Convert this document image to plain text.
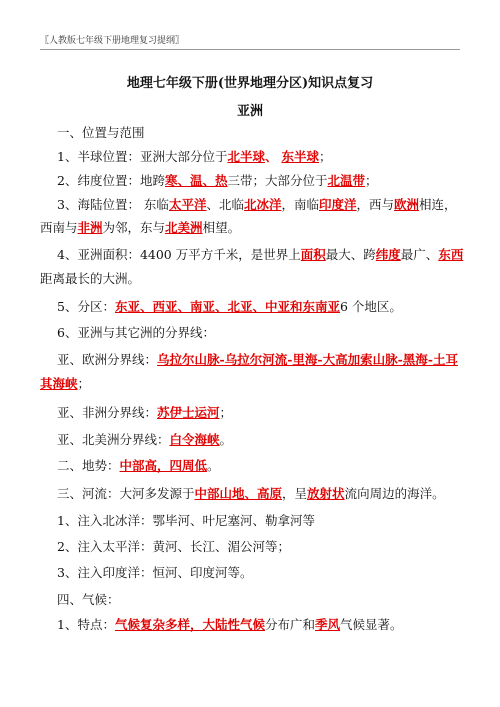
〖人教版七年级下册地理复习提纲〗
地理七年级下册(世界地理分区)知识点复习
亚洲
一、位置与范围
1、半球位置：亚洲大部分位于北半球、 东半球；
2、纬度位置：地跨寒、温、热三带；大部分位于北温带；
3、海陆位置： 东临太平洋、北临北冰洋，南临印度洋，西与欧洲相连，
西南与非洲为邻，东与北美洲相望。
4、亚洲面积：4400 万平方千米，是世界上面积最大、跨纬度最广、东西
距离最长的大洲。
5、分区：东亚、西亚、南亚、北亚、中亚和东南亚6 个地区。
6、亚洲与其它洲的分界线：
亚、欧洲分界线：乌拉尔山脉-乌拉尔河流-里海-大高加索山脉-黑海-土耳
其海峡；
亚、非洲分界线：苏伊士运河；
亚、北美洲分界线：白令海峡。
二、地势：中部高，四周低。
三、河流：大河多发源于中部山地、高原，呈放射状流向周边的海洋。
1、注入北冰洋：鄂毕河、叶尼塞河、勒拿河等
2、注入太平洋：黄河、长江、湄公河等；
3、注入印度洋：恒河、印度河等。
四、气候：
1、特点：气候复杂多样，大陆性气候分布广和季风气候显著。
